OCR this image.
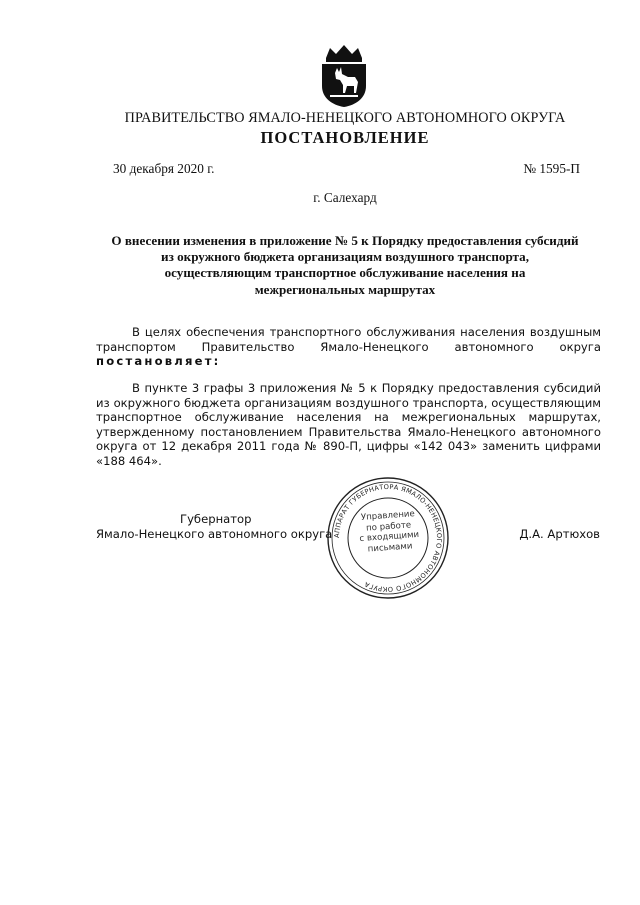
ПРАВИТЕЛЬСТВО ЯМАЛО-НЕНЕЦКОГО АВТОНОМНОГО ОКРУГА
ПОСТАНОВЛЕНИЕ
30 декабря 2020 г.	№ 1595-П
г. Салехард
О внесении изменения в приложение № 5 к Порядку предоставления субсидий из окружного бюджета организациям воздушного транспорта, осуществляющим транспортное обслуживание населения на межрегиональных маршрутах
В целях обеспечения транспортного обслуживания населения воздушным транспортом Правительство Ямало-Ненецкого автономного округа постановляет:
В пункте 3 графы 3 приложения № 5 к Порядку предоставления субсидий из окружного бюджета организациям воздушного транспорта, осуществляющим транспортное обслуживание населения на межрегиональных маршрутах, утвержденному постановлением Правительства Ямало-Ненецкого автономного округа от 12 декабря 2011 года № 890-П, цифры «142 043» заменить цифрами «188 464».
Губернатор
Ямало-Ненецкого автономного округа	Д.А. Артюхов
АППАРАТ ГУБЕРНАТОРА ЯМАЛО-НЕНЕЦКОГО АВТОНОМНОГО ОКРУГА
Управление
по работе
с входящими
письмами
